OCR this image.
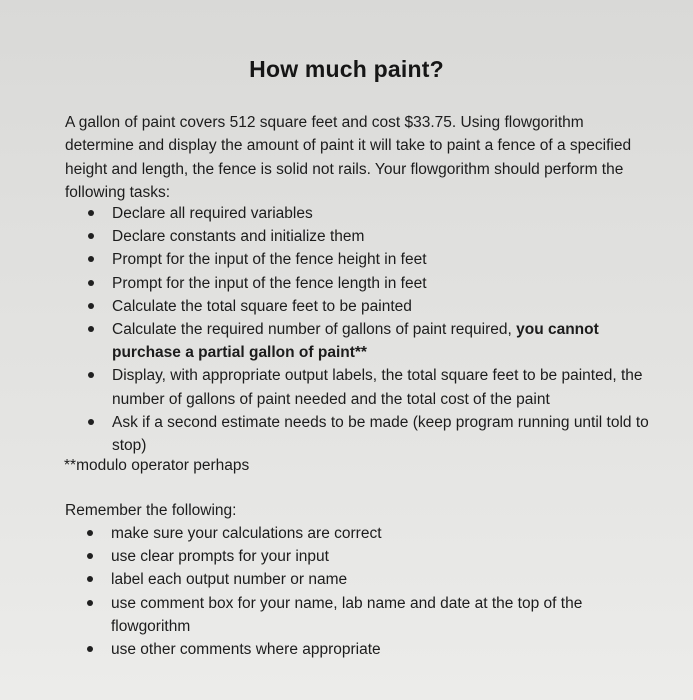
How much paint?
A gallon of paint covers 512 square feet and cost $33.75. Using flowgorithm determine and display the amount of paint it will take to paint a fence of a specified height and length, the fence is solid not rails. Your flowgorithm should perform the following tasks:
Declare all required variables
Declare constants and initialize them
Prompt for the input of the fence height in feet
Prompt for the input of the fence length in feet
Calculate the total square feet to be painted
Calculate the required number of gallons of paint required, you cannot purchase a partial gallon of paint**
Display, with appropriate output labels, the total square feet to be painted, the number of gallons of paint needed and the total cost of the paint
Ask if a second estimate needs to be made (keep program running until told to stop)
**modulo operator perhaps
Remember the following:
make sure your calculations are correct
use clear prompts for your input
label each output number or name
use comment box for your name, lab name and date at the top of the flowgorithm
use other comments where appropriate
